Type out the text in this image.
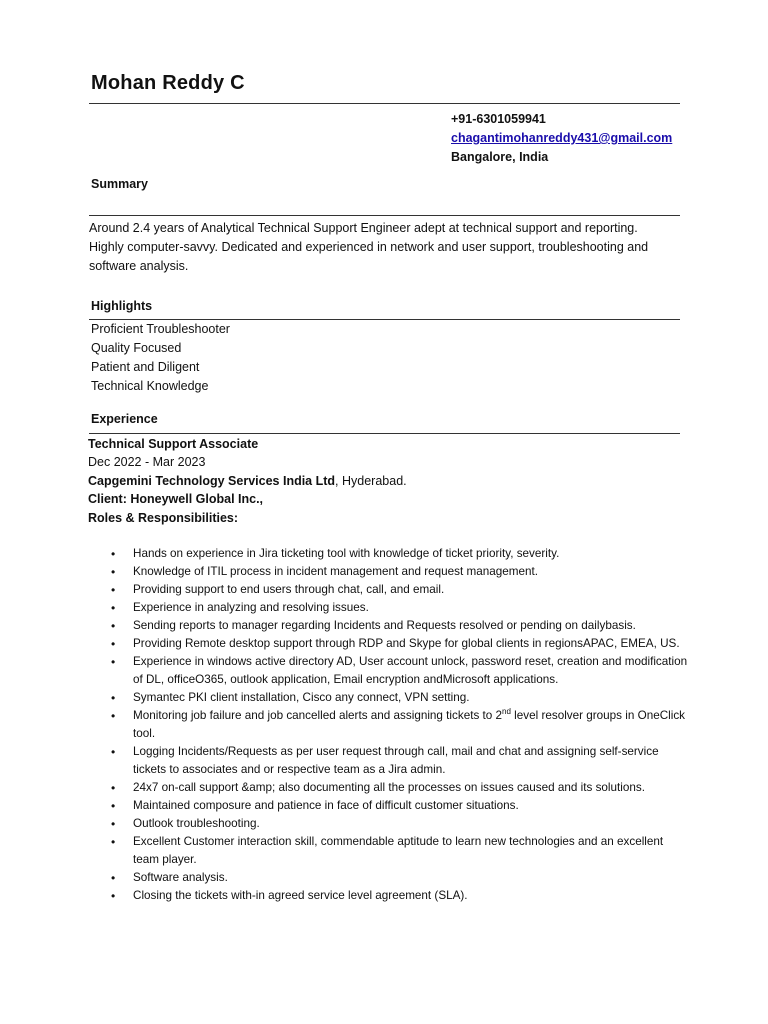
Mohan Reddy C
+91-6301059941
chagantimohanreddy431@gmail.com
Bangalore, India
Summary
Around 2.4 years of Analytical Technical Support Engineer adept at technical support and reporting. Highly computer-savvy. Dedicated and experienced in network and user support, troubleshooting and software analysis.
Highlights
Proficient Troubleshooter
Quality Focused
Patient and Diligent
Technical Knowledge
Experience
Technical Support Associate
Dec 2022 - Mar 2023
Capgemini Technology Services India Ltd, Hyderabad.
Client: Honeywell Global Inc.,
Roles & Responsibilities:
• Hands on experience in Jira ticketing tool with knowledge of ticket priority, severity.
• Knowledge of ITIL process in incident management and request management.
• Providing support to end users through chat, call, and email.
• Experience in analyzing and resolving issues.
• Sending reports to manager regarding Incidents and Requests resolved or pending on dailybasis.
• Providing Remote desktop support through RDP and Skype for global clients in regionsAPAC, EMEA, US.
• Experience in windows active directory AD, User account unlock, password reset, creation and modification of DL, officeO365, outlook application, Email encryption andMicrosoft applications.
• Symantec PKI client installation, Cisco any connect, VPN setting.
• Monitoring job failure and job cancelled alerts and assigning tickets to 2nd level resolver groups in OneClick tool.
• Logging Incidents/Requests as per user request through call, mail and chat and assigning self-service tickets to associates and or respective team as a Jira admin.
• 24x7 on-call support &amp; also documenting all the processes on issues caused and its solutions.
• Maintained composure and patience in face of difficult customer situations.
• Outlook troubleshooting.
• Excellent Customer interaction skill, commendable aptitude to learn new technologies and an excellent team player.
• Software analysis.
• Closing the tickets with-in agreed service level agreement (SLA).
